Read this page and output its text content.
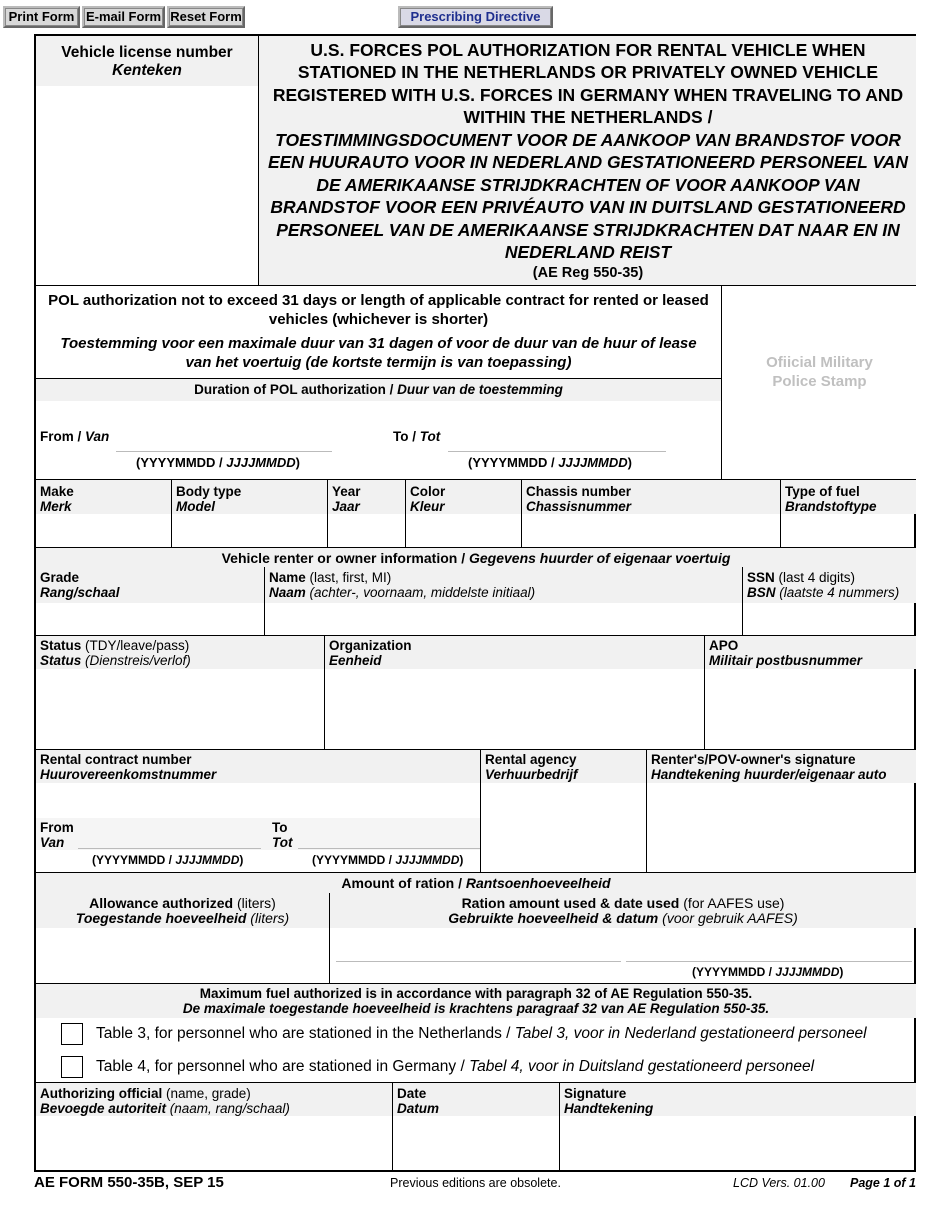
Print Form E-mail Form Reset Form	Prescribing Directive
Vehicle license number
Kenteken
U.S. FORCES POL AUTHORIZATION FOR RENTAL VEHICLE WHEN STATIONED IN THE NETHERLANDS OR PRIVATELY OWNED VEHICLE REGISTERED WITH U.S. FORCES IN GERMANY WHEN TRAVELING TO AND WITHIN THE NETHERLANDS /
TOESTIMMINGSDOCUMENT VOOR DE AANKOOP VAN BRANDSTOF VOOR EEN HUURAUTO VOOR IN NEDERLAND GESTATIONEERD PERSONEEL VAN DE AMERIKAANSE STRIJDKRACHTEN OF VOOR AANKOOP VAN BRANDSTOF VOOR EEN PRIVÉAUTO VAN IN DUITSLAND GESTATIONEERD PERSONEEL VAN DE AMERIKAANSE STRIJDKRACHTEN DAT NAAR EN IN NEDERLAND REIST
(AE Reg 550-35)
POL authorization not to exceed 31 days or length of applicable contract for rented or leased vehicles (whichever is shorter)
Toestemming voor een maximale duur van 31 dagen of voor de duur van de huur of lease van het voertuig (de kortste termijn is van toepassing)
Duration of POL authorization / Duur van de toestemming
From / Van
(YYYYMMDD / JJJJMMDD)
To / Tot
(YYYYMMDD / JJJJMMDD)
Ofiicial Military Police Stamp
Make
Merk
Body type
Model
Year
Jaar
Color
Kleur
Chassis number
Chassisnummer
Type of fuel
Brandstoftype
Vehicle renter or owner information / Gegevens huurder of eigenaar voertuig
Grade
Rang/schaal
Name (last, first, MI)
Naam (achter-, voornaam, middelste initiaal)
SSN (last 4 digits)
BSN (laatste 4 nummers)
Status (TDY/leave/pass)
Status (Dienstreis/verlof)
Organization
Eenheid
APO
Militair postbusnummer
Rental contract number
Huurovereenkomstnummer
Rental agency
Verhuurbedrijf
Renter's/POV-owner's signature
Handtekening huurder/eigenaar auto
From
Van
To
Tot
(YYYYMMDD / JJJJMMDD)	(YYYYMMDD / JJJJMMDD)
Amount of ration / Rantsoenhoeveelheid
Allowance authorized (liters)
Toegestande hoeveelheid (liters)
Ration amount used & date used (for AAFES use)
Gebruikte hoeveelheid & datum (voor gebruik AAFES)
(YYYYMMDD / JJJJMMDD)
Maximum fuel authorized is in accordance with paragraph 32 of AE Regulation 550-35.
De maximale toegestande hoeveelheid is krachtens paragraaf 32 van AE Regulation 550-35.
Table 3, for personnel who are stationed in the Netherlands / Tabel 3, voor in Nederland gestationeerd personeel
Table 4, for personnel who are stationed in Germany / Tabel 4, voor in Duitsland gestationeerd personeel
Authorizing official (name, grade)
Bevoegde autoriteit (naam, rang/schaal)
Date
Datum
Signature
Handtekening
AE FORM 550-35B, SEP 15	Previous editions are obsolete.	LCD Vers. 01.00 Page 1 of 1
